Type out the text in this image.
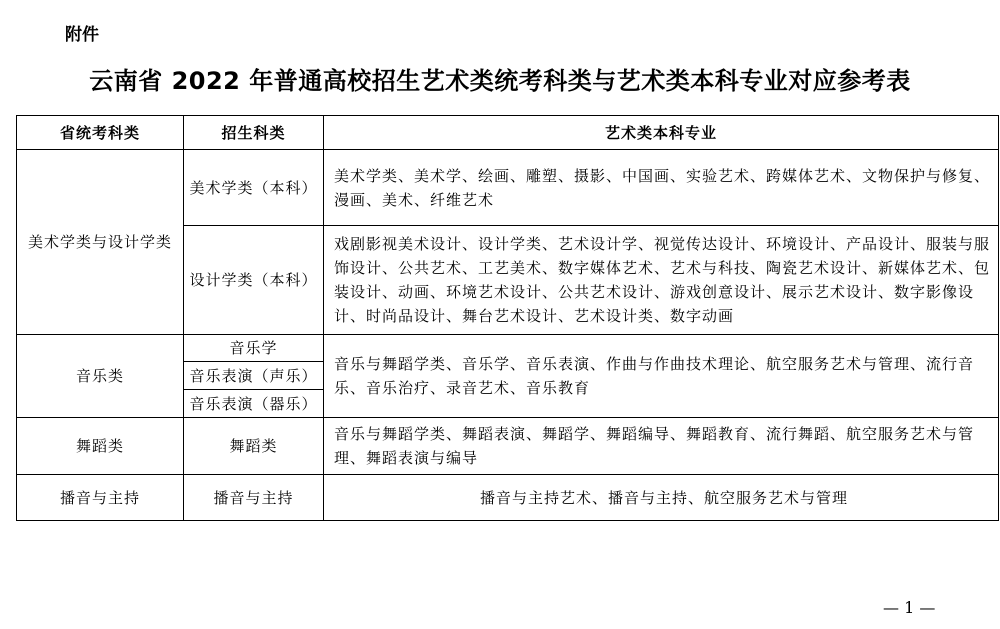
附件
云南省 2022 年普通高校招生艺术类统考科类与艺术类本科专业对应参考表
省统考科类	招生科类	艺术类本科专业
美术学类与设计学类	美术学类（本科）	美术学类、美术学、绘画、雕塑、摄影、中国画、实验艺术、跨媒体艺术、文物保护与修复、漫画、美术、纤维艺术
	设计学类（本科）	戏剧影视美术设计、设计学类、艺术设计学、视觉传达设计、环境设计、产品设计、服装与服饰设计、公共艺术、工艺美术、数字媒体艺术、艺术与科技、陶瓷艺术设计、新媒体艺术、包装设计、动画、环境艺术设计、公共艺术设计、游戏创意设计、展示艺术设计、数字影像设计、时尚品设计、舞台艺术设计、艺术设计类、数字动画
音乐类	音乐学	音乐与舞蹈学类、音乐学、音乐表演、作曲与作曲技术理论、航空服务艺术与管理、流行音乐、音乐治疗、录音艺术、音乐教育
	音乐表演（声乐）	
	音乐表演（器乐）	
舞蹈类	舞蹈类	音乐与舞蹈学类、舞蹈表演、舞蹈学、舞蹈编导、舞蹈教育、流行舞蹈、航空服务艺术与管理、舞蹈表演与编导
播音与主持	播音与主持	播音与主持艺术、播音与主持、航空服务艺术与管理
— 1 —
